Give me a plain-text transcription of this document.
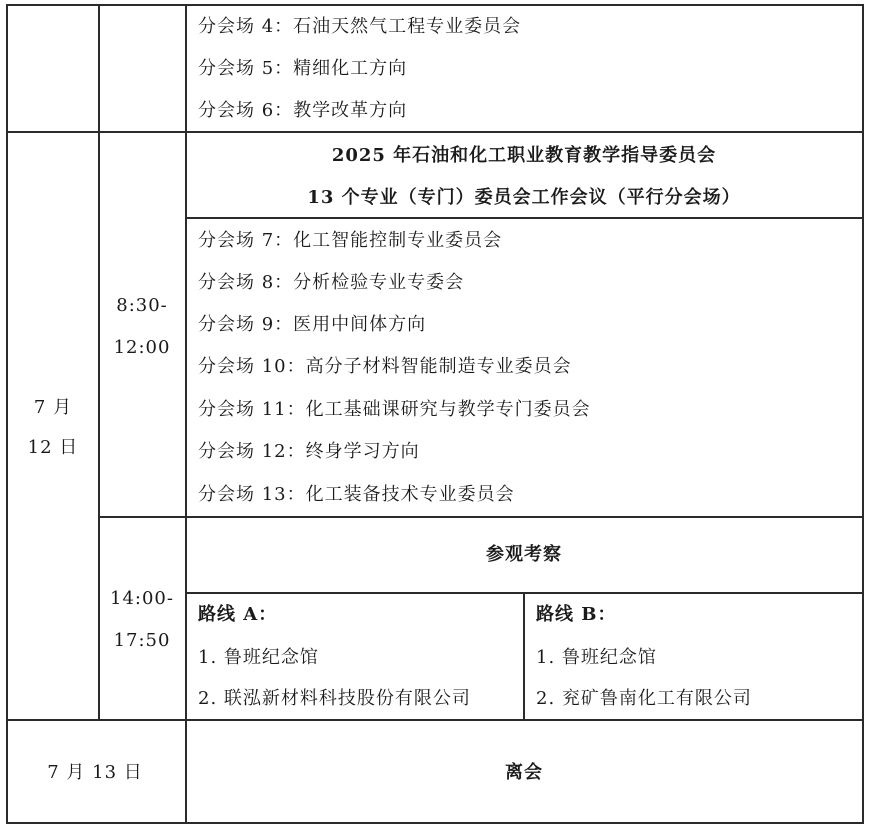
分会场 4：石油天然气工程专业委员会
分会场 5：精细化工方向
分会场 6：教学改革方向
7 月
12 日
8:30-
12:00
2025 年石油和化工职业教育教学指导委员会
13 个专业（专门）委员会工作会议（平行分会场）
分会场 7：化工智能控制专业委员会
分会场 8：分析检验专业专委会
分会场 9：医用中间体方向
分会场 10：高分子材料智能制造专业委员会
分会场 11：化工基础课研究与教学专门委员会
分会场 12：终身学习方向
分会场 13：化工装备技术专业委员会
14:00-
17:50
参观考察
路线 A：
1. 鲁班纪念馆
2. 联泓新材料科技股份有限公司
路线 B：
1. 鲁班纪念馆
2. 兖矿鲁南化工有限公司
7 月 13 日	离会
